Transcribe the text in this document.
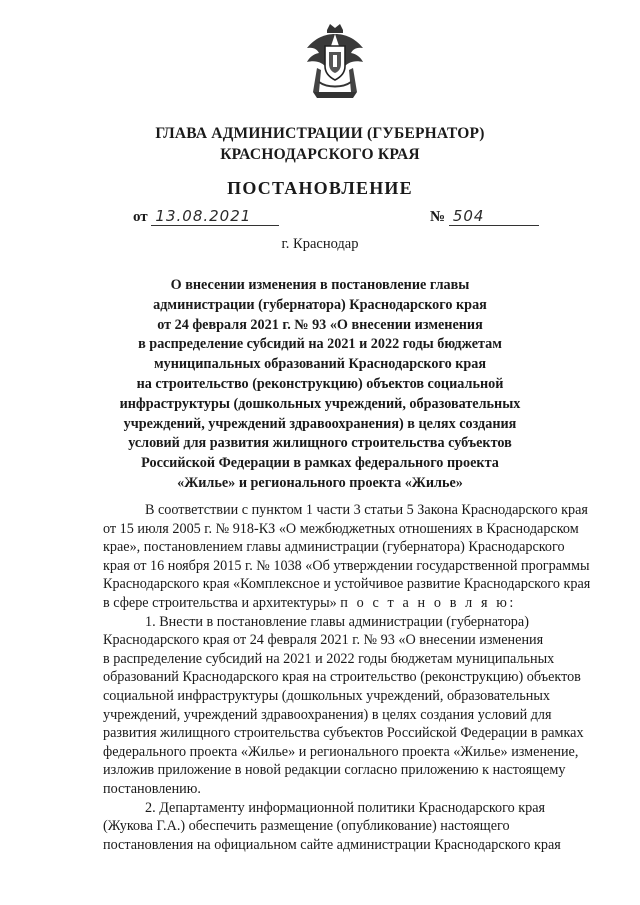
ГЛАВА АДМИНИСТРАЦИИ (ГУБЕРНАТОР)
КРАСНОДАРСКОГО КРАЯ
ПОСТАНОВЛЕНИЕ
от 13.08.2021	№ 504
г. Краснодар
О внесении изменения в постановление главы
администрации (губернатора) Краснодарского края
от 24 февраля 2021 г. № 93 «О внесении изменения
в распределение субсидий на 2021 и 2022 годы бюджетам
муниципальных образований Краснодарского края
на строительство (реконструкцию) объектов социальной
инфраструктуры (дошкольных учреждений, образовательных
учреждений, учреждений здравоохранения) в целях создания
условий для развития жилищного строительства субъектов
Российской Федерации в рамках федерального проекта
«Жилье» и регионального проекта «Жилье»
В соответствии с пунктом 1 части 3 статьи 5 Закона Краснодарского края
от 15 июля 2005 г. № 918-КЗ «О межбюджетных отношениях в Краснодарском
крае», постановлением главы администрации (губернатора) Краснодарского
края от 16 ноября 2015 г. № 1038 «Об утверждении государственной программы
Краснодарского края «Комплексное и устойчивое развитие Краснодарского края
в сфере строительства и архитектуры» п о с т а н о в л я ю:
1. Внести в постановление главы администрации (губернатора)
Краснодарского края от 24 февраля 2021 г. № 93 «О внесении изменения
в распределение субсидий на 2021 и 2022 годы бюджетам муниципальных
образований Краснодарского края на строительство (реконструкцию) объектов
социальной инфраструктуры (дошкольных учреждений, образовательных
учреждений, учреждений здравоохранения) в целях создания условий для
развития жилищного строительства субъектов Российской Федерации в рамках
федерального проекта «Жилье» и регионального проекта «Жилье» изменение,
изложив приложение в новой редакции согласно приложению к настоящему
постановлению.
2. Департаменту информационной политики Краснодарского края
(Жукова Г.А.) обеспечить размещение (опубликование) настоящего
постановления на официальном сайте администрации Краснодарского края
